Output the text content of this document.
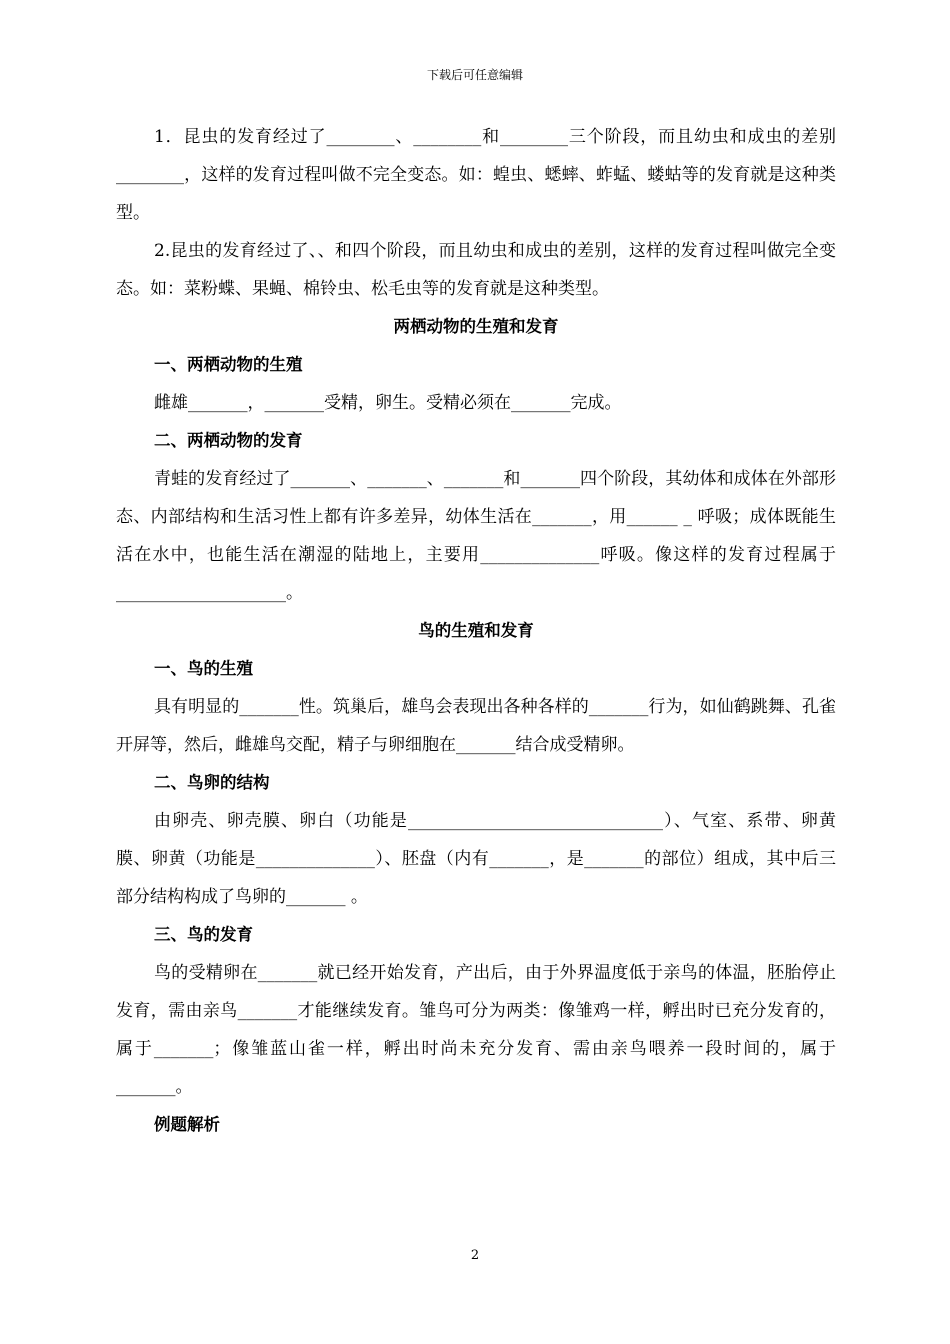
下载后可任意编辑

1．昆虫的发育经过了________、________和________三个阶段，而且幼虫和成虫的差别________，这样的发育过程叫做不完全变态。如：蝗虫、蟋蟀、蚱蜢、蝼蛄等的发育就是这种类型。

2.昆虫的发育经过了、、和四个阶段，而且幼虫和成虫的差别，这样的发育过程叫做完全变态。如：菜粉蝶、果蝇、棉铃虫、松毛虫等的发育就是这种类型。

两栖动物的生殖和发育

一、两栖动物的生殖

雌雄_______，_______受精，卵生。受精必须在_______完成。

二、两栖动物的发育

青蛙的发育经过了_______、_______、_______和_______四个阶段，其幼体和成体在外部形态、内部结构和生活习性上都有许多差异，幼体生活在_______，用______ _ 呼吸；成体既能生活在水中，也能生活在潮湿的陆地上，主要用______________呼吸。像这样的发育过程属于____________________。

鸟的生殖和发育

一、鸟的生殖

具有明显的_______性。筑巢后，雄鸟会表现出各种各样的_______行为，如仙鹤跳舞、孔雀开屏等，然后，雌雄鸟交配，精子与卵细胞在_______结合成受精卵。

二、鸟卵的结构

由卵壳、卵壳膜、卵白（功能是______________________________）、气室、系带、卵黄膜、卵黄（功能是______________）、胚盘（内有_______，是_______的部位）组成，其中后三部分结构构成了鸟卵的_______ 。

三、鸟的发育

鸟的受精卵在_______就已经开始发育，产出后，由于外界温度低于亲鸟的体温，胚胎停止发育，需由亲鸟_______才能继续发育。雏鸟可分为两类：像雏鸡一样，孵出时已充分发育的，属于_______；像雏蓝山雀一样，孵出时尚未充分发育、需由亲鸟喂养一段时间的，属于_______。

例题解析

2
